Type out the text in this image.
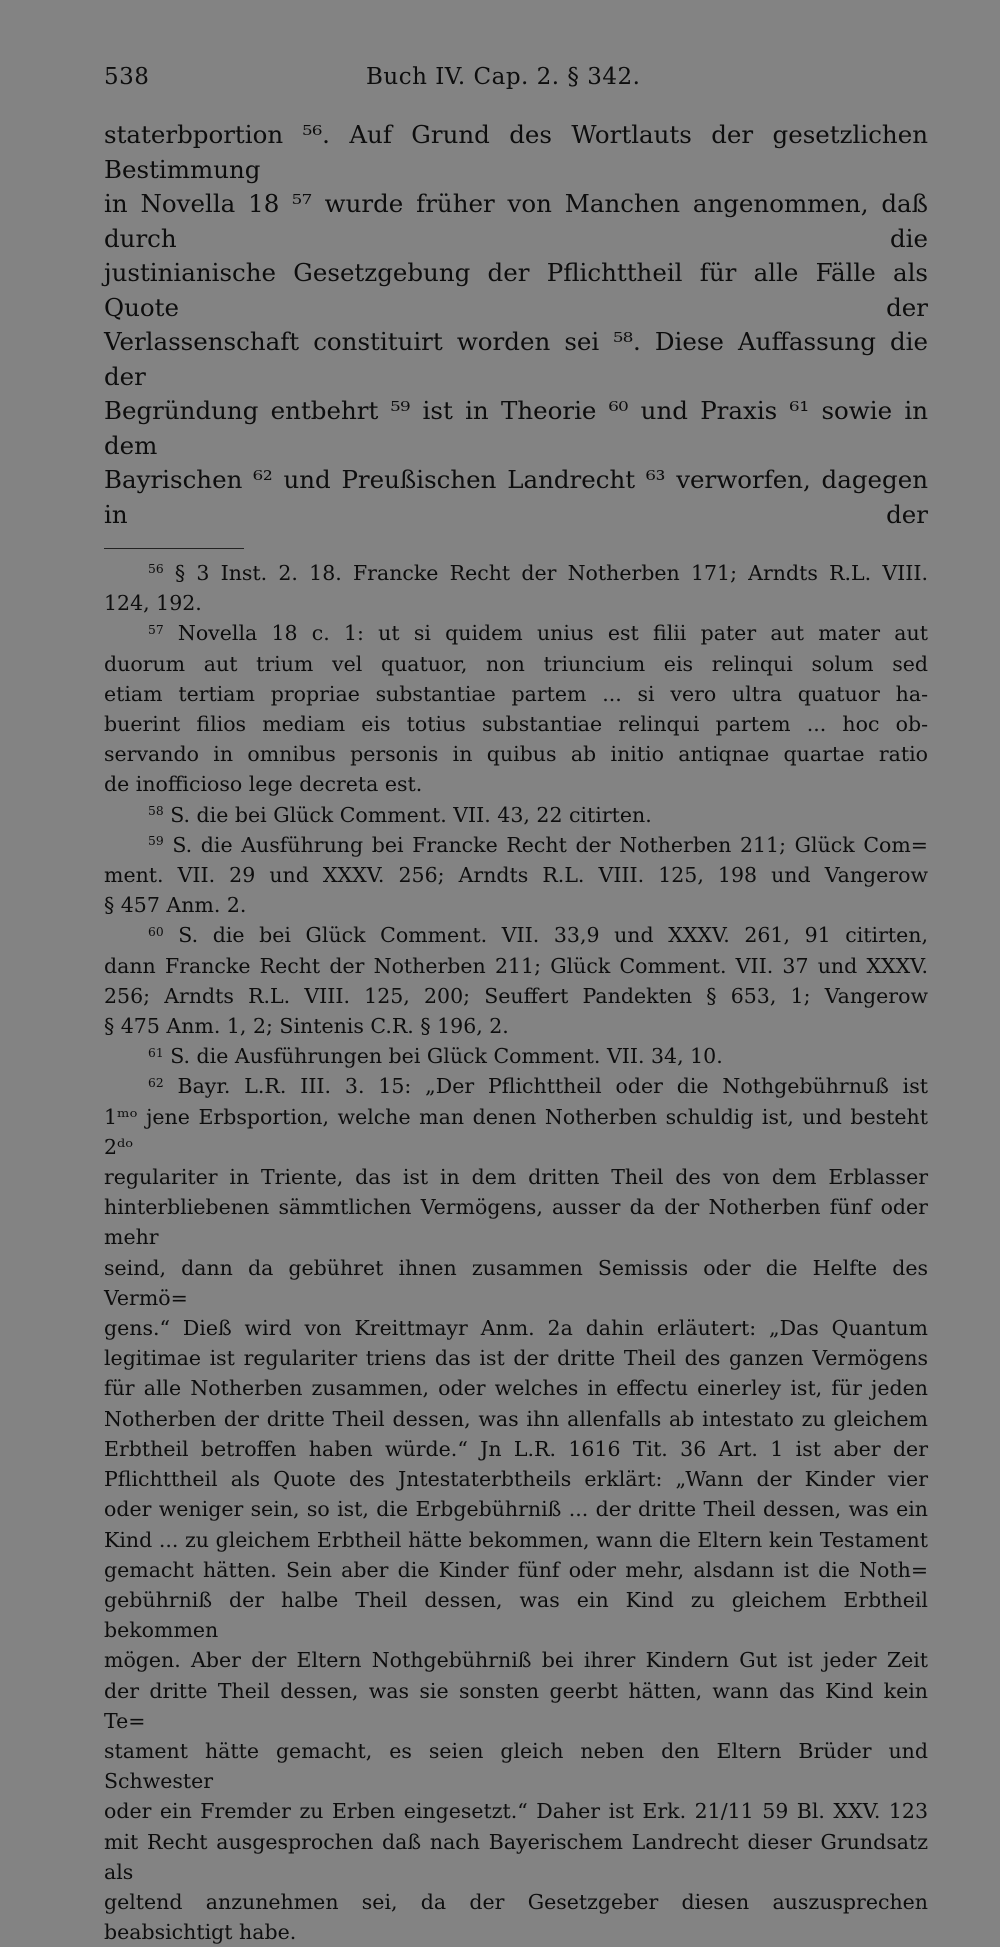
538	Buch IV. Cap. 2. § 342.

staterbportion ⁵⁶. Auf Grund des Wortlauts der gesetzlichen Bestimmung

in Novella 18 ⁵⁷ wurde früher von Manchen angenommen, daß durch die

justinianische Gesetzgebung der Pflichttheil für alle Fälle als Quote der

Verlassenschaft constituirt worden sei ⁵⁸. Diese Auffassung die der

Begründung entbehrt ⁵⁹ ist in Theorie ⁶⁰ und Praxis ⁶¹ sowie in dem

Bayrischen ⁶² und Preußischen Landrecht ⁶³ verworfen, dagegen in der

$^{56}$ § 3 Inst. 2. 18. Francke Recht der Notherben 171; Arndts R.L. VIII.

124, 192.

$^{57}$ Novella 18 c. 1: ut si quidem unius est filii pater aut mater aut

duorum aut trium vel quatuor, non triuncium eis relinqui solum sed

etiam tertiam propriae substantiae partem ... si vero ultra quatuor ha-

buerint filios mediam eis totius substantiae relinqui partem ... hoc ob-

servando in omnibus personis in quibus ab initio antiqnae quartae ratio

de inofficioso lege decreta est.

$^{58}$ S. die bei Glück Comment. VII. 43, 22 citirten.

$^{59}$ S. die Ausführung bei Francke Recht der Notherben 211; Glück Com=

ment. VII. 29 und XXXV. 256; Arndts R.L. VIII. 125, 198 und Vangerow

§ 457 Anm. 2.

$^{60}$ S. die bei Glück Comment. VII. 33,9 und XXXV. 261, 91 citirten,

dann Francke Recht der Notherben 211; Glück Comment. VII. 37 und XXXV.

256; Arndts R.L. VIII. 125, 200; Seuffert Pandekten § 653, 1; Vangerow

§ 475 Anm. 1, 2; Sintenis C.R. § 196, 2.

$^{61}$ S. die Ausführungen bei Glück Comment. VII. 34, 10.

$^{62}$ Bayr. L.R. III. 3. 15: „Der Pflichttheil oder die Nothgebührnuß ist

1ᵐᵒ jene Erbsportion, welche man denen Notherben schuldig ist, und besteht 2ᵈᵒ

regulariter in Triente, das ist in dem dritten Theil des von dem Erblasser

hinterbliebenen sämmtlichen Vermögens, ausser da der Notherben fünf oder mehr

seind, dann da gebühret ihnen zusammen Semissis oder die Helfte des Vermö=

gens.“ Dieß wird von Kreittmayr Anm. 2a dahin erläutert: „Das Quantum

legitimae ist regulariter triens das ist der dritte Theil des ganzen Vermögens

für alle Notherben zusammen, oder welches in effectu einerley ist, für jeden

Notherben der dritte Theil dessen, was ihn allenfalls ab intestato zu gleichem

Erbtheil betroffen haben würde.“ Jn L.R. 1616 Tit. 36 Art. 1 ist aber der

Pflichttheil als Quote des Jntestaterbtheils erklärt: „Wann der Kinder vier

oder weniger sein, so ist, die Erbgebührniß ... der dritte Theil dessen, was ein

Kind ... zu gleichem Erbtheil hätte bekommen, wann die Eltern kein Testament

gemacht hätten. Sein aber die Kinder fünf oder mehr, alsdann ist die Noth=

gebührniß der halbe Theil dessen, was ein Kind zu gleichem Erbtheil bekommen

mögen. Aber der Eltern Nothgebührniß bei ihrer Kindern Gut ist jeder Zeit

der dritte Theil dessen, was sie sonsten geerbt hätten, wann das Kind kein Te=

stament hätte gemacht, es seien gleich neben den Eltern Brüder und Schwester

oder ein Fremder zu Erben eingesetzt.“ Daher ist Erk. 21/11 59 Bl. XXV. 123

mit Recht ausgesprochen daß nach Bayerischem Landrecht dieser Grundsatz als

geltend anzunehmen sei, da der Gesetzgeber diesen auszusprechen beabsichtigt habe.
